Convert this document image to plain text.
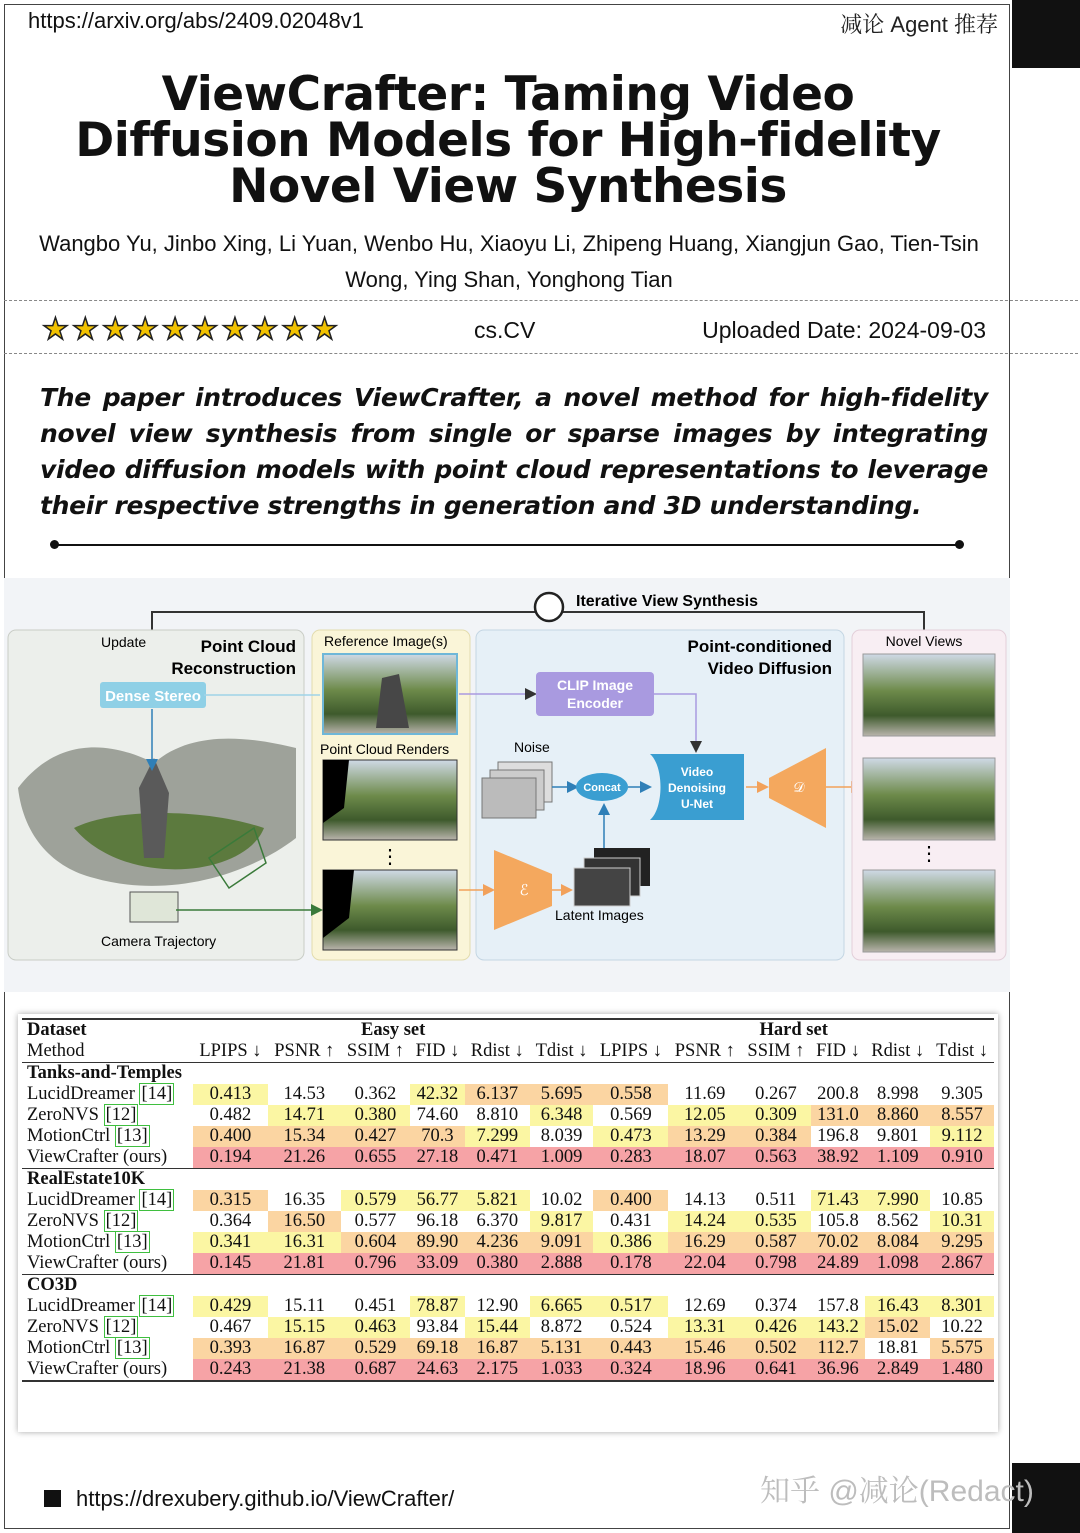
https://arxiv.org/abs/2409.02048v1	减论 Agent 推荐
ViewCrafter: Taming Video Diffusion Models for High-fidelity Novel View Synthesis
Wangbo Yu, Jinbo Xing, Li Yuan, Wenbo Hu, Xiaoyu Li, Zhipeng Huang, Xiangjun Gao, Tien-Tsin Wong, Ying Shan, Yonghong Tian
★ ★ ★ ★ ★ ★ ★ ★ ★ ★	cs.CV	Uploaded Date: 2024-09-03
The paper introduces ViewCrafter, a novel method for high-fidelity novel view synthesis from single or sparse images by integrating video diffusion models with point cloud representations to leverage their respective strengths in generation and 3D understanding.
Iterative View Synthesis
Update	Point Cloud
Reconstruction
Dense Stereo
Camera Trajectory
Reference Image(s)
Point Cloud Renders
⋮
Point-conditioned
Video Diffusion
CLIP Image
Encoder
Noise
Concat
Video
Denoising
U-Net
𝒟
ℰ
Latent Images
Novel Views
⋮
Dataset	Easy set						Hard set					
Method	LPIPS ↓	PSNR ↑	SSIM ↑	FID ↓	Rdist ↓	Tdist ↓	LPIPS ↓	PSNR ↑	SSIM ↑	FID ↓	Rdist ↓	Tdist ↓
Tanks-and-Temples												
LucidDreamer [14]	0.413	14.53	0.362	42.32	6.137	5.695	0.558	11.69	0.267	200.8	8.998	9.305
ZeroNVS [12]	0.482	14.71	0.380	74.60	8.810	6.348	0.569	12.05	0.309	131.0	8.860	8.557
MotionCtrl [13]	0.400	15.34	0.427	70.3	7.299	8.039	0.473	13.29	0.384	196.8	9.801	9.112
ViewCrafter (ours)	0.194	21.26	0.655	27.18	0.471	1.009	0.283	18.07	0.563	38.92	1.109	0.910
RealEstate10K												
LucidDreamer [14]	0.315	16.35	0.579	56.77	5.821	10.02	0.400	14.13	0.511	71.43	7.990	10.85
ZeroNVS [12]	0.364	16.50	0.577	96.18	6.370	9.817	0.431	14.24	0.535	105.8	8.562	10.31
MotionCtrl [13]	0.341	16.31	0.604	89.90	4.236	9.091	0.386	16.29	0.587	70.02	8.084	9.295
ViewCrafter (ours)	0.145	21.81	0.796	33.09	0.380	2.888	0.178	22.04	0.798	24.89	1.098	2.867
CO3D												
LucidDreamer [14]	0.429	15.11	0.451	78.87	12.90	6.665	0.517	12.69	0.374	157.8	16.43	8.301
ZeroNVS [12]	0.467	15.15	0.463	93.84	15.44	8.872	0.524	13.31	0.426	143.2	15.02	10.22
MotionCtrl [13]	0.393	16.87	0.529	69.18	16.87	5.131	0.443	15.46	0.502	112.7	18.81	5.575
ViewCrafter (ours)	0.243	21.38	0.687	24.63	2.175	1.033	0.324	18.96	0.641	36.96	2.849	1.480
https://drexubery.github.io/ViewCrafter/	知乎 @减论(Redact)
